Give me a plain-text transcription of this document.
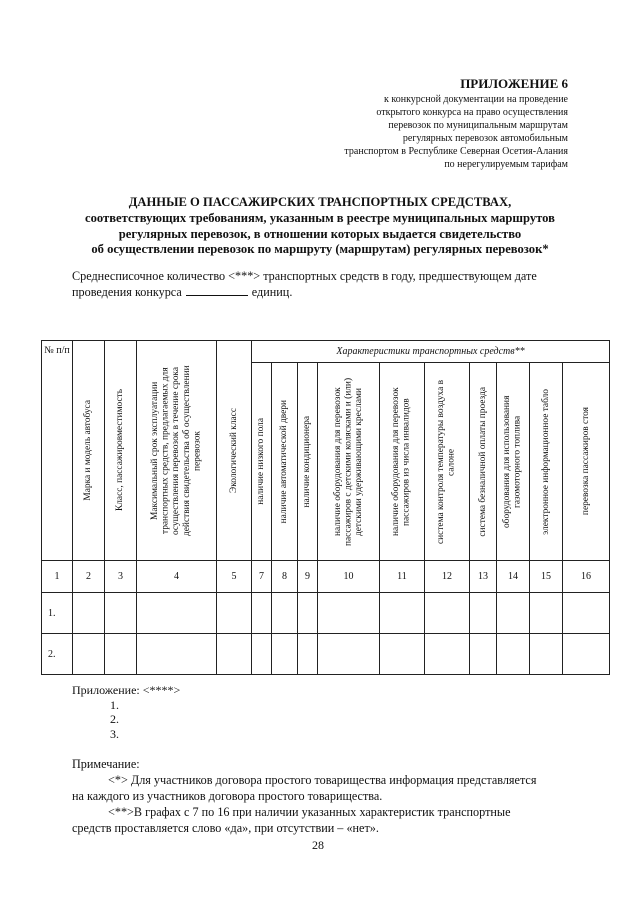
ПРИЛОЖЕНИЕ 6
к конкурсной документации на проведение
открытого конкурса на право осуществления
перевозок по муниципальным маршрутам
регулярных перевозок автомобильным
транспортом в Республике Северная Осетия-Алания
по нерегулируемым тарифам
ДАННЫЕ О ПАССАЖИРСКИХ ТРАНСПОРТНЫХ СРЕДСТВАХ,
соответствующих требованиям, указанным в реестре муниципальных маршрутов
регулярных перевозок, в отношении которых выдается свидетельство
об осуществлении перевозок по маршруту (маршрутам) регулярных перевозок*
Среднесписочное количество <***> транспортных средств в году, предшествующем дате
проведения конкурса	единиц.
№ п/п	Марка и модель автобуса	Класс, пассажировместимость	Максимальный срок эксплуатации транспортных средств, предлагаемых для осуществления перевозок в течение срока действия свидетельства об осуществлении перевозок	Экологический класс	Характеристики транспортных средств**									

					наличие низкого пола	наличие автоматической двери	наличие кондиционера	наличие оборудования для перевозок пассажиров с детскими колясками и (или) детскими удерживающими креслами	наличие оборудования для перевозок пассажиров из числа инвалидов	система контроля температуры воздуха в салоне	система безналичной оплаты проезда	оборудования для использования газомоторного топлива	электронное информационное табло	перевозка пассажиров стоя

1	2	3	4	5	7	8	9	10	11	12	13	14	15	16
1.														
2.														
Приложение: <****>
1.
2.
3.
Примечание:
<*> Для участников договора простого товарищества информация представляется
на каждого из участников договора простого товарищества.
<**>В графах с 7 по 16 при наличии указанных характеристик транспортные
средств проставляется слово «да», при отсутствии – «нет».
28
